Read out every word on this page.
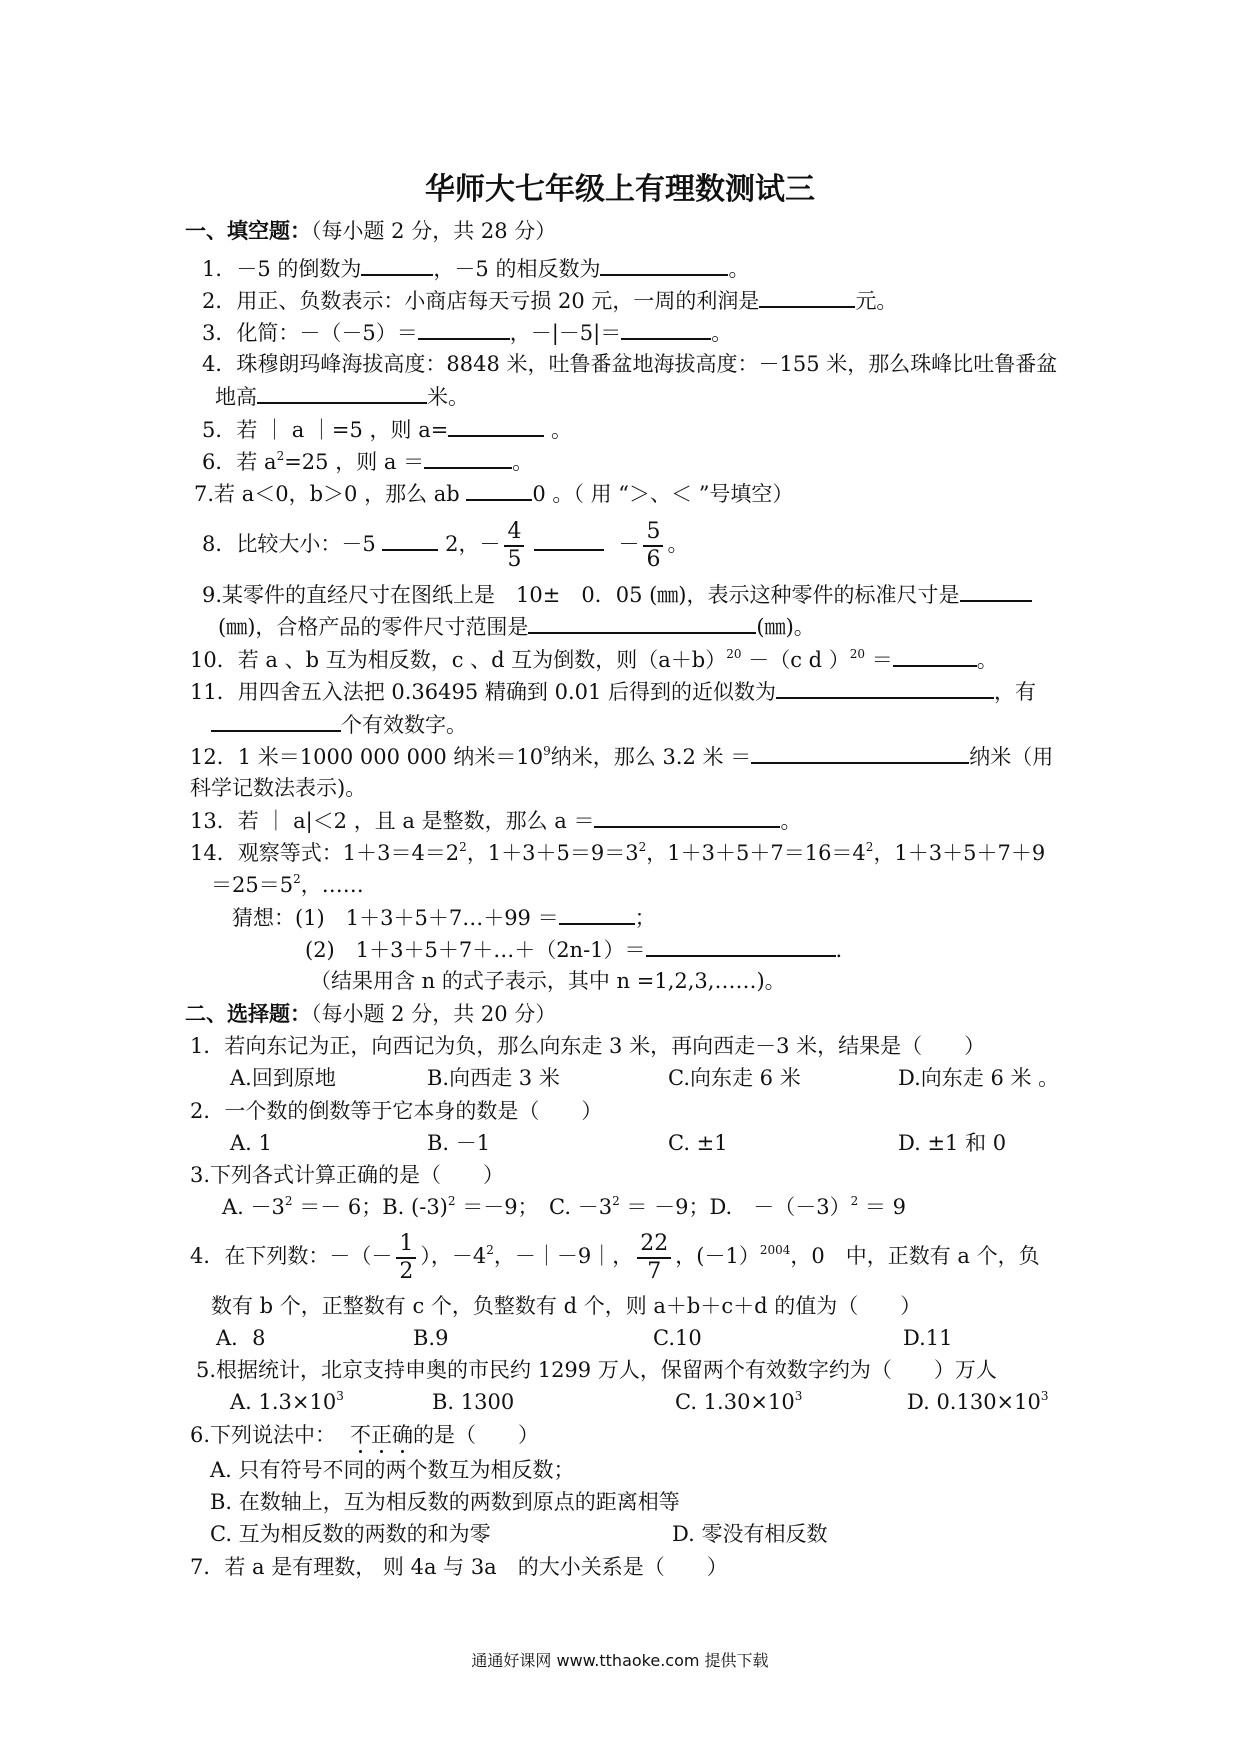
华师大七年级上有理数测试三
一、填空题：（每小题 2 分，共 28 分）
1．－5 的倒数为	，－5 的相反数为	。
2．用正、负数表示：小商店每天亏损 20 元，一周的利润是	元。
3．化简：－（－5）＝	，－|－5|＝	。
4．珠穆朗玛峰海拔高度：8848 米，吐鲁番盆地海拔高度：－155 米，那么珠峰比吐鲁番盆
地高	米。
5．若 ｜ a ｜=5 ，则 a=	。
6．若 $a^2=25$ ，则 a ＝	。
7.若 a＜0，b＞0 ，那么 ab	0 。（ 用 “＞、＜ ”号填空）
8．比较大小：－5	2，－ $\frac{4}{5}$	－ $\frac{5}{6}$ 。
9.某零件的直经尺寸在图纸上是　10±　0．05 (㎜)，表示这种零件的标准尺寸是
(㎜)，合格产品的零件尺寸范围是	(㎜)。
10．若 a 、b 互为相反数，c 、d 互为倒数，则$(a+b)^{20} -(c$ d ）$^{20}$ ＝	。
11．用四舍五入法把 0.36495 精确到 0.01 后得到的近似数为	，有
个有效数字。
12．1 米＝1000 000 000 纳米$=10^9$纳米，那么 3.2 米 ＝	纳米（用
科学记数法表示)。
13．若 ｜ a|＜2 ，且 a 是整数，那么 a ＝	。
14．观察等式：$1+3=4=2^2$，$1+3+5=9=3^2$，$1+3+5+7=16=4^2$，1＋3＋5＋7＋9
$=25=5^2$，……
猜想：(1)　1＋3＋5＋7…＋99 ＝	；
(2)　1＋3＋5＋7＋…＋（2n-1）＝	.
（结果用含 n 的式子表示，其中 n =1,2,3,……)。
二、选择题：（每小题 2 分，共 20 分）
1．若向东记为正，向西记为负，那么向东走 3 米，再向西走－3 米，结果是（　　）
A.回到原地	B.向西走 3 米	C.向东走 6 米	D.向东走 6 米 。
2．一个数的倒数等于它本身的数是（　　）
A. 1	B. －1	C. ±1	D. ±1 和 0
3.下列各式计算正确的是（　　）
A. $-3^2 =- 6$；B. $(-3)^2 =-9$；　C. $-3^2 = -9$；D.　$-(-3)^2 = 9$
4．在下列数：－（－ $\frac{1}{2}$ ），$-4^2$，－｜－9｜， $\frac{22}{7}$ ，(－1）$^{2004}$，0　中，正数有 a 个，负
数有 b 个，正整数有 c 个，负整数有 d 个，则 a＋b＋c＋d 的值为（　　）
A．8	B.9	C.10	D.11
5.根据统计，北京支持申奥的市民约 1299 万人，保留两个有效数字约为（　　）万人
A. $1.3\times 10^3$	B. 1300	C. $1.30\times 10^3$	D. $0.130\times 10^3$
6.下列说法中： 不正确的是（　　）
A. 只有符号不同的两个数互为相反数；
B. 在数轴上，互为相反数的两数到原点的距离相等
C. 互为相反数的两数的和为零	D. 零没有相反数
7．若 a 是有理数， 则 4a 与 3a　的大小关系是（　　）
通通好课网 www.tthaoke.com 提供下载
